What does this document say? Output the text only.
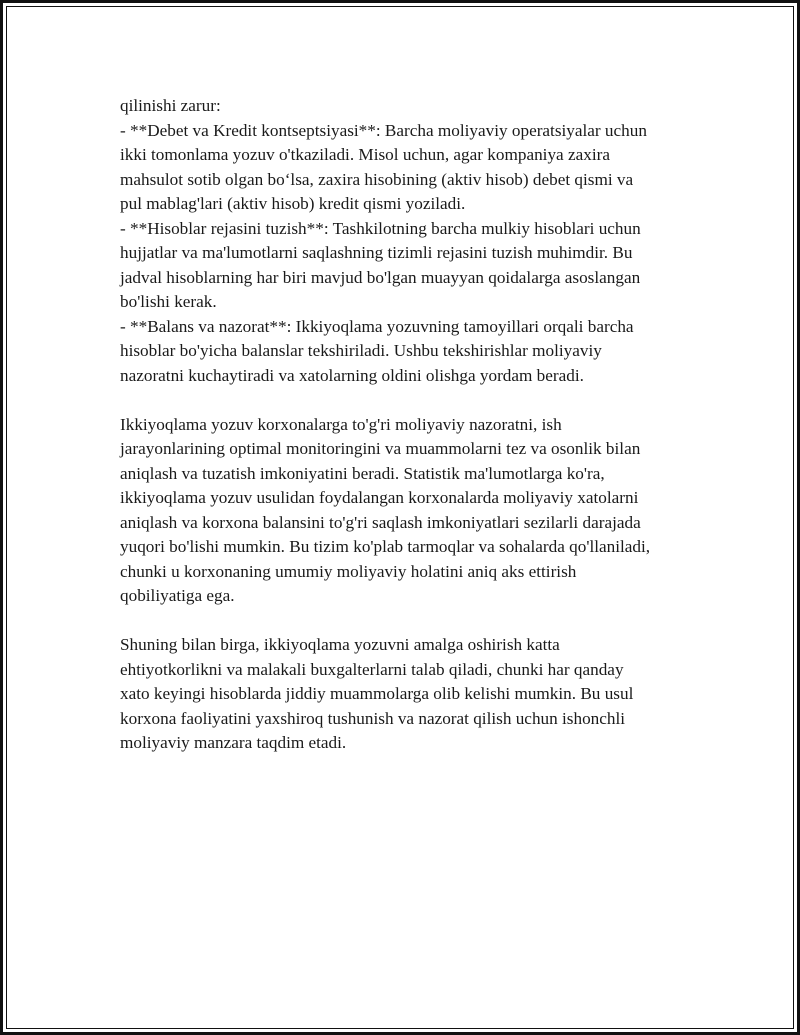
qilinishi zarur:
- **Debet va Kredit kontseptsiyasi**: Barcha moliyaviy operatsiyalar uchun
ikki tomonlama yozuv o'tkaziladi. Misol uchun, agar kompaniya zaxira
mahsulot sotib olgan bo‘lsa, zaxira hisobining (aktiv hisob) debet qismi va
pul mablag'lari (aktiv hisob) kredit qismi yoziladi.
- **Hisoblar rejasini tuzish**: Tashkilotning barcha mulkiy hisoblari uchun
hujjatlar va ma'lumotlarni saqlashning tizimli rejasini tuzish muhimdir. Bu
jadval hisoblarning har biri mavjud bo'lgan muayyan qoidalarga asoslangan
bo'lishi kerak.
- **Balans va nazorat**: Ikkiyoqlama yozuvning tamoyillari orqali barcha
hisoblar bo'yicha balanslar tekshiriladi. Ushbu tekshirishlar moliyaviy
nazoratni kuchaytiradi va xatolarning oldini olishga yordam beradi.
Ikkiyoqlama yozuv korxonalarga to'g'ri moliyaviy nazoratni, ish
jarayonlarining optimal monitoringini va muammolarni tez va osonlik bilan
aniqlash va tuzatish imkoniyatini beradi. Statistik ma'lumotlarga ko'ra,
ikkiyoqlama yozuv usulidan foydalangan korxonalarda moliyaviy xatolarni
aniqlash va korxona balansini to'g'ri saqlash imkoniyatlari sezilarli darajada
yuqori bo'lishi mumkin. Bu tizim ko'plab tarmoqlar va sohalarda qo'llaniladi,
chunki u korxonaning umumiy moliyaviy holatini aniq aks ettirish
qobiliyatiga ega.
Shuning bilan birga, ikkiyoqlama yozuvni amalga oshirish katta
ehtiyotkorlikni va malakali buxgalterlarni talab qiladi, chunki har qanday
xato keyingi hisoblarda jiddiy muammolarga olib kelishi mumkin. Bu usul
korxona faoliyatini yaxshiroq tushunish va nazorat qilish uchun ishonchli
moliyaviy manzara taqdim etadi.
